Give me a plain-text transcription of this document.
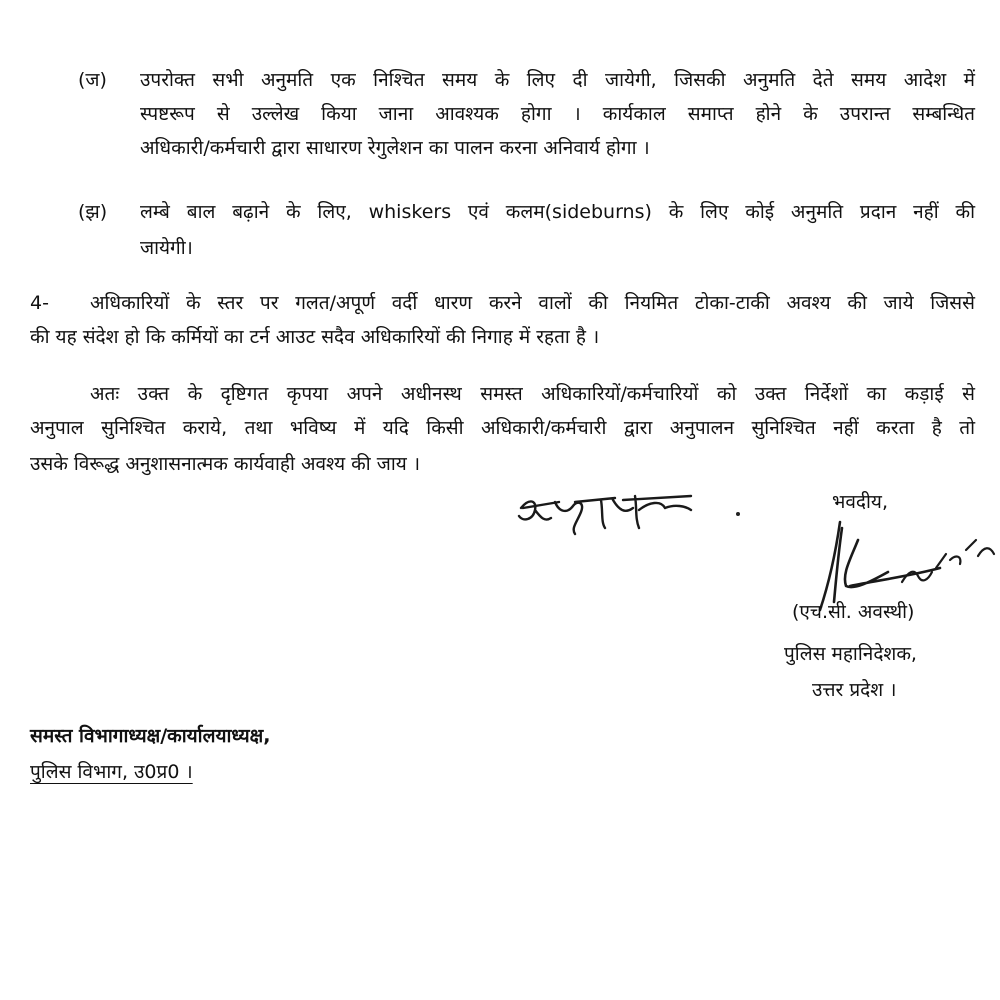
(ज) उपरोक्त सभी अनुमति एक निश्चित समय के लिए दी जायेगी, जिसकी अनुमति देते समय आदेश में
स्पष्टरूप से उल्लेख किया जाना आवश्यक होगा । कार्यकाल समाप्त होने के उपरान्त सम्बन्धित
अधिकारी/कर्मचारी द्वारा साधारण रेगुलेशन का पालन करना अनिवार्य होगा ।
(झ) लम्बे बाल बढ़ाने के लिए, whiskers एवं कलम(sideburns) के लिए कोई अनुमति प्रदान नहीं की
जायेगी।
4- अधिकारियों के स्तर पर गलत/अपूर्ण वर्दी धारण करने वालों की नियमित टोका-टाकी अवश्य की जाये जिससे
की यह संदेश हो कि कर्मियों का टर्न आउट सदैव अधिकारियों की निगाह में रहता है ।
अतः उक्त के दृष्टिगत कृपया अपने अधीनस्थ समस्त अधिकारियों/कर्मचारियों को उक्त निर्देशों का कड़ाई से
अनुपाल सुनिश्चित कराये, तथा भविष्य में यदि किसी अधिकारी/कर्मचारी द्वारा अनुपालन सुनिश्चित नहीं करता है तो
उसके विरूद्ध अनुशासनात्मक कार्यवाही अवश्य की जाय ।
भवदीय,
(एच.सी. अवस्थी)
पुलिस महानिदेशक,
उत्तर प्रदेश ।
समस्त विभागाध्यक्ष/कार्यालयाध्यक्ष,
पुलिस विभाग, उ0प्र0 ।
